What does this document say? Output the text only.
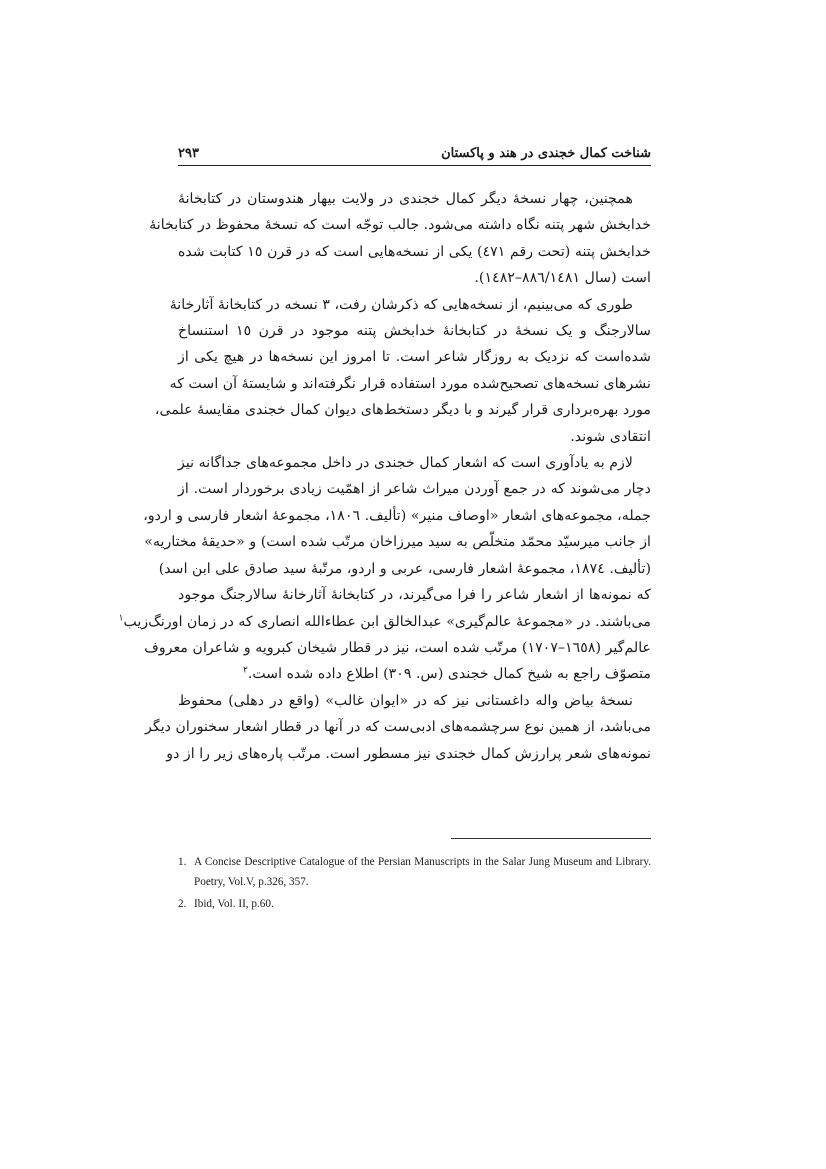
شناخت کمال خجندی در هند و پاکستان
۲۹۳

همچنین، چهار نسخهٔ دیگر کمال خجندی در ولایت بیهار هندوستان در کتابخانهٔ
خدابخش شهر پتنه نگاه داشته می‌شود. جالب توجّه است که نسخهٔ محفوظ در کتابخانهٔ
خدابخش پتنه (تحت رقم ٤٧١) یکی از نسخه‌هایی است که در قرن ١٥ کتابت شده
است (سال ٨٨٦/١٤٨١–١٤٨٢).

طوری که می‌بینیم، از نسخه‌هایی که ذکرشان رفت، ٣ نسخه در کتابخانهٔ آثارخانهٔ
سالارجنگ و یک نسخهٔ در کتابخانهٔ خدابخش پتنه موجود در قرن ١٥ استنساخ
شده‌است که نزدیک به روزگار شاعر است. تا امروز این نسخه‌ها در هیچ یکی از
نشرهای نسخه‌های تصحیح‌شده مورد استفاده قرار نگرفته‌اند و شایستهٔ آن است که
مورد بهره‌برداری قرار گیرند و با دیگر دستخط‌های دیوان کمال خجندی مقایسهٔ علمی،
انتقادی شوند.

لازم به یادآوری است که اشعار کمال خجندی در داخل مجموعه‌های جداگانه نیز
دچار می‌شوند که در جمع آوردن میراث شاعر از اهمّیت زیادی برخوردار است. از
جمله، مجموعه‌های اشعار «اوصاف منیر» (تألیف. ١٨٠٦، مجموعهٔ اشعار فارسی و اردو،
از جانب میرسیّد محمّد متخلّص به سید میرزاخان مرتّب شده است) و «حدیقهٔ مختاریه»
(تألیف. ١٨٧٤، مجموعهٔ اشعار فارسی، عربی و اردو، مرتّبهٔ سید صادق علی ابن اسد)
که نمونه‌ها از اشعار شاعر را فرا می‌گیرند، در کتابخانهٔ آثارخانهٔ سالارجنگ موجود
می‌باشند. در «مجموعهٔ عالم‌گیری» عبدالخالق ابن عطاءالله انصاری که در زمان اورنگ‌زیب$^١$
عالم‌گیر (١٦٥٨–١٧٠٧) مرتّب شده است، نیز در قطار شیخان کبرویه و شاعران معروف
متصوّف راجع به شیخ کمال خجندی (س. ٣٠٩) اطلاع داده شده است.$^٢$

نسخهٔ بیاض واله داغستانی نیز که در «ایوان غالب» (واقع در دهلی) محفوظ
می‌باشد، از همین نوع سرچشمه‌های ادبی‌ست که در آنها در قطار اشعار سخنوران دیگر
نمونه‌های شعر پرارزش کمال خجندی نیز مسطور است. مرتّب پاره‌های زیر را از دو

1. A Concise Descriptive Catalogue of the Persian Manuscripts in the Salar Jung Museum and Library. Poetry, Vol.V, p.326, 357.
2. Ibid, Vol. II, p.60.
